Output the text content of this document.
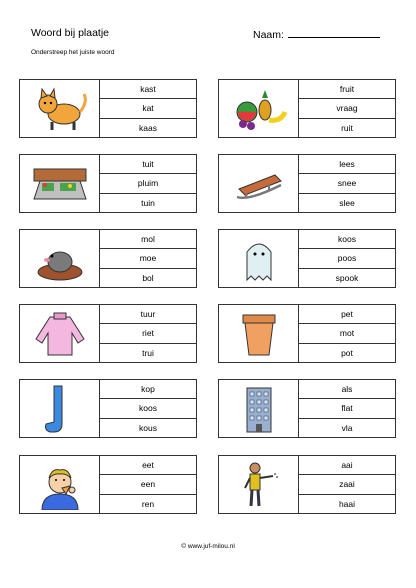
Woord bij plaatje	Naam:
Onderstreep het juiste woord
kast
kat
kaas
fruit
vraag
ruit
tuit
pluim
tuin
lees
snee
slee
mol
moe
bol
koos
poos
spook
tuur
riet
trui
pet
mot
pot
kop
koos
kous
als
flat
vla
eet
een
ren
aai
zaai
haai
© www.juf-milou.nl
